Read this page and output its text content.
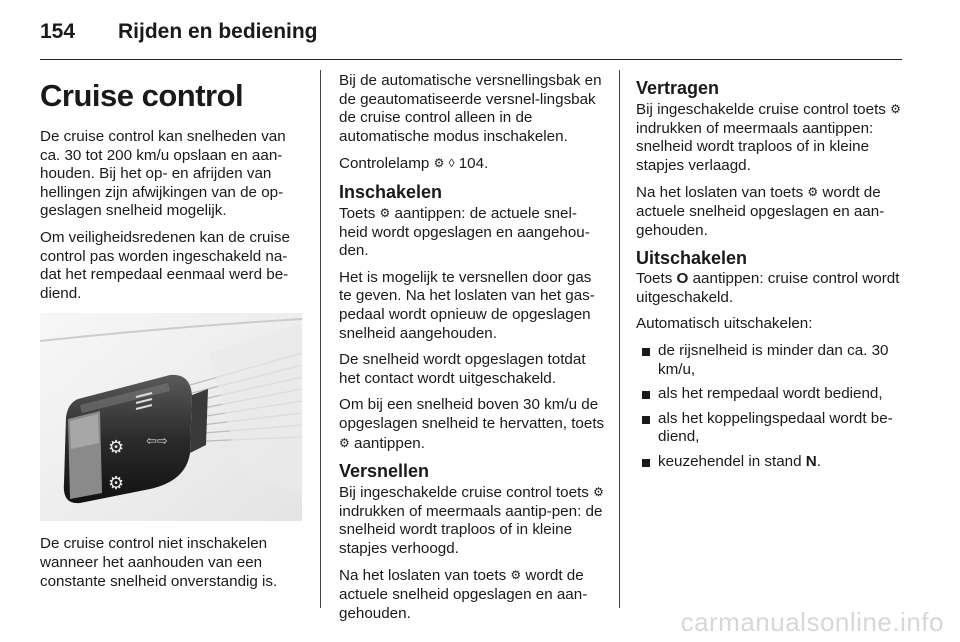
154 Rijden en bediening
Cruise control

De cruise control kan snelheden van ca. 30 tot 200 km/u opslaan en aan-houden. Bij het op- en afrijden van hellingen zijn afwijkingen van de op-geslagen snelheid mogelijk.

Om veiligheidsredenen kan de cruise control pas worden ingeschakeld na-dat het rempedaal eenmaal werd be-diend.

⚙
⚙
⇦⇨

De cruise control niet inschakelen wanneer het aanhouden van een constante snelheid onverstandig is.

Bij de automatische versnellingsbak en de geautomatiseerde versnel-lingsbak de cruise control alleen in de automatische modus inschakelen.

Controlelamp ⚙ ◊ 104.

Inschakelen

Toets ⚙ aantippen: de actuele snel-heid wordt opgeslagen en aangehou-den.

Het is mogelijk te versnellen door gas te geven. Na het loslaten van het gas-pedaal wordt opnieuw de opgeslagen snelheid aangehouden.

De snelheid wordt opgeslagen totdat het contact wordt uitgeschakeld.

Om bij een snelheid boven 30 km/u de opgeslagen snelheid te hervatten, toets ⚙ aantippen.

Versnellen

Bij ingeschakelde cruise control toets ⚙ indrukken of meermaals aantip-pen: de snelheid wordt traploos of in kleine stapjes verhoogd.

Na het loslaten van toets ⚙ wordt de actuele snelheid opgeslagen en aan-gehouden.

Vertragen

Bij ingeschakelde cruise control toets ⚙ indrukken of meermaals aantippen: snelheid wordt traploos of in kleine stapjes verlaagd.

Na het loslaten van toets ⚙ wordt de actuele snelheid opgeslagen en aan-gehouden.

Uitschakelen

Toets O aantippen: cruise control wordt uitgeschakeld.

Automatisch uitschakelen:

de rijsnelheid is minder dan ca. 30 km/u,
als het rempedaal wordt bediend,
als het koppelingspedaal wordt be-diend,
keuzehendel in stand N.
carmanualsonline.info
